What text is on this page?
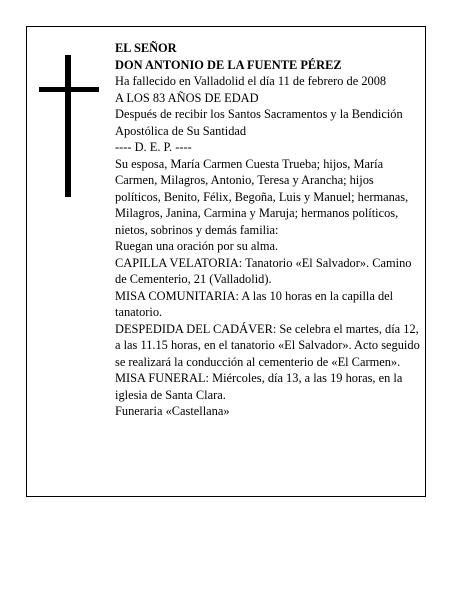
EL SEÑOR

DON ANTONIO DE LA FUENTE PÉREZ

Ha fallecido en Valladolid el día 11 de febrero de 2008

A LOS 83 AÑOS DE EDAD

Después de recibir los Santos Sacramentos y la Bendición Apostólica de Su Santidad

---- D. E. P. ----

Su esposa, María Carmen Cuesta Trueba; hijos, María Carmen, Milagros, Antonio, Teresa y Arancha; hijos políticos, Benito, Félix, Begoña, Luis y Manuel; hermanas, Milagros, Janina, Carmina y Maruja; hermanos políticos, nietos, sobrinos y demás familia:

Ruegan una oración por su alma.

CAPILLA VELATORIA: Tanatorio «El Salvador». Camino de Cementerio, 21 (Valladolid).

MISA COMUNITARIA: A las 10 horas en la capilla del tanatorio.

DESPEDIDA DEL CADÁVER: Se celebra el martes, día 12, a las 11.15 horas, en el tanatorio «El Salvador». Acto seguido se realizará la conducción al cementerio de «El Carmen».

MISA FUNERAL: Miércoles, día 13, a las 19 horas, en la iglesia de Santa Clara.

Funeraria «Castellana»
